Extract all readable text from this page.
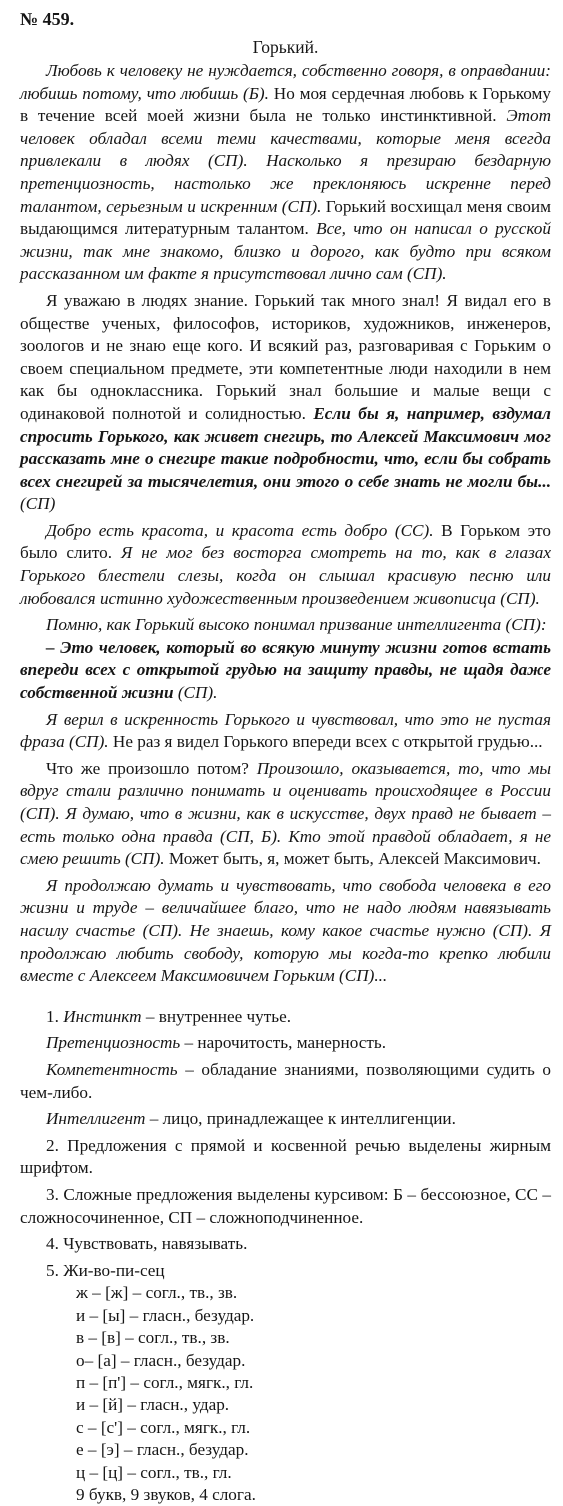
№ 459.
Горький.

Любовь к человеку не нуждается, собственно говоря, в оправдании: любишь потому, что любишь (Б). Но моя сердечная любовь к Горькому в течение всей моей жизни была не только инстинктивной. Этот человек обладал всеми теми качествами, которые меня всегда привлекали в людях (СП). Насколько я презираю бездарную претенциозность, настолько же преклоняюсь искренне перед талантом, серьезным и искренним (СП). Горький восхищал меня своим выдающимся литературным талантом. Все, что он написал о русской жизни, так мне знакомо, близко и дорого, как будто при всяком рассказанном им факте я присутствовал лично сам (СП).

Я уважаю в людях знание. Горький так много знал! Я видал его в обществе ученых, философов, историков, художников, инженеров, зоологов и не знаю еще кого. И всякий раз, разговаривая с Горьким о своем специальном предмете, эти компетентные люди находили в нем как бы одноклассника. Горький знал большие и малые вещи с одинаковой полнотой и солидностью. Если бы я, например, вздумал спросить Горького, как живет снегирь, то Алексей Максимович мог рассказать мне о снегире такие подробности, что, если бы собрать всех снегирей за тысячелетия, они этого о себе знать не могли бы... (СП)

Добро есть красота, и красота есть добро (СС). В Горьком это было слито. Я не мог без восторга смотреть на то, как в глазах Горького блестели слезы, когда он слышал красивую песню или любовался истинно художественным произведением живописца (СП).

Помню, как Горький высоко понимал призвание интеллигента (СП):

– Это человек, который во всякую минуту жизни готов встать впереди всех с открытой грудью на защиту правды, не щадя даже собственной жизни (СП).

Я верил в искренность Горького и чувствовал, что это не пустая фраза (СП). Не раз я видел Горького впереди всех с открытой грудью...

Что же произошло потом? Произошло, оказывается, то, что мы вдруг стали различно понимать и оценивать происходящее в России (СП). Я думаю, что в жизни, как в искусстве, двух правд не бывает – есть только одна правда (СП, Б). Кто этой правдой обладает, я не смею решить (СП). Может быть, я, может быть, Алексей Максимович.

Я продолжаю думать и чувствовать, что свобода человека в его жизни и труде – величайшее благо, что не надо людям навязывать насилу счастье (СП). Не знаешь, кому какое счастье нужно (СП). Я продолжаю любить свободу, которую мы когда-то крепко любили вместе с Алексеем Максимовичем Горьким (СП)...

1. Инстинкт – внутреннее чутье.

Претенциозность – нарочитость, манерность.

Компетентность – обладание знаниями, позволяющими судить о чем-либо.

Интеллигент – лицо, принадлежащее к интеллигенции.

2. Предложения с прямой и косвенной речью выделены жирным шрифтом.

3. Сложные предложения выделены курсивом: Б – бессоюзное, СС – сложносочиненное, СП – сложноподчиненное.

4. Чувствовать, навязывать.

5. Жи-во-пи-сец

ж – [ж] – согл., тв., зв.

и – [ы] – гласн., безудар.

в – [в] – согл., тв., зв.

о– [а] – гласн., безудар.

п – [п'] – согл., мягк., гл.

и – [й] – гласн., удар.

с – [с'] – согл., мягк., гл.

е – [э] – гласн., безудар.

ц – [ц] – согл., тв., гл.

9 букв, 9 звуков, 4 слога.
